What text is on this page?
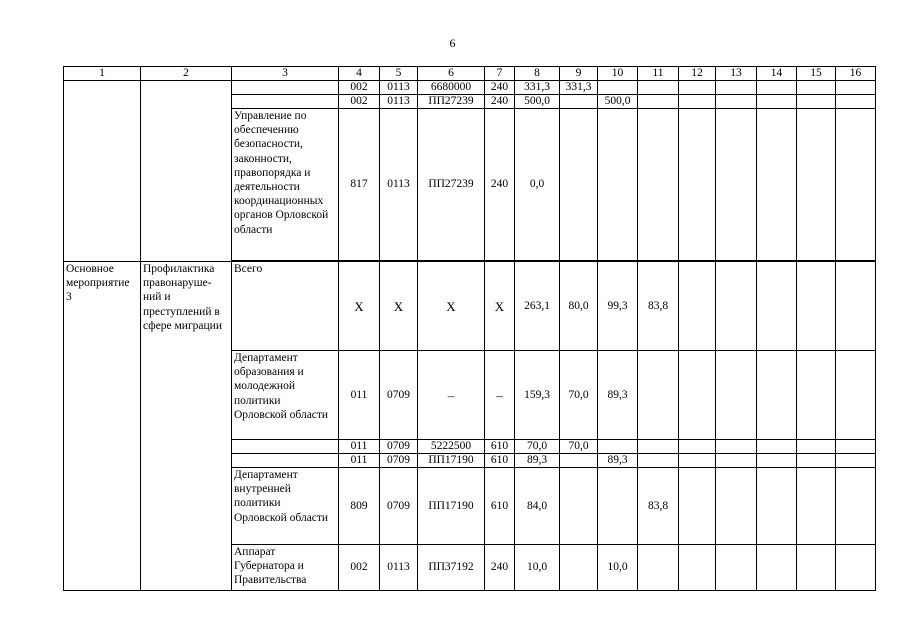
6
1	2	3	4	5	6	7	8	9	10	11	12	13	14	15	16
			002	0113	6680000	240	331,3	331,3							
			002	0113	ПП27239	240	500,0		500,0						
		Управление по обеспечению безопасности, законности, правопорядка и деятельности координационных органов Орловской области	817	0113	ПП27239	240	0,0								

Основное мероприятие 3	Профилактика правонаруше-ний и преступлений в сфере миграции	Всего	Х	Х	Х	Х	263,1	80,0	99,3	83,8					
		Департамент образования и молодежной политики Орловской области	011	0709	–	–	159,3	70,0	89,3						
			011	0709	5222500	610	70,0	70,0							
			011	0709	ПП17190	610	89,3		89,3						
		Департамент внутренней политики Орловской области	809	0709	ПП17190	610	84,0			83,8					
		Аппарат Губернатора и Правительства	002	0113	ПП37192	240	10,0		10,0						
